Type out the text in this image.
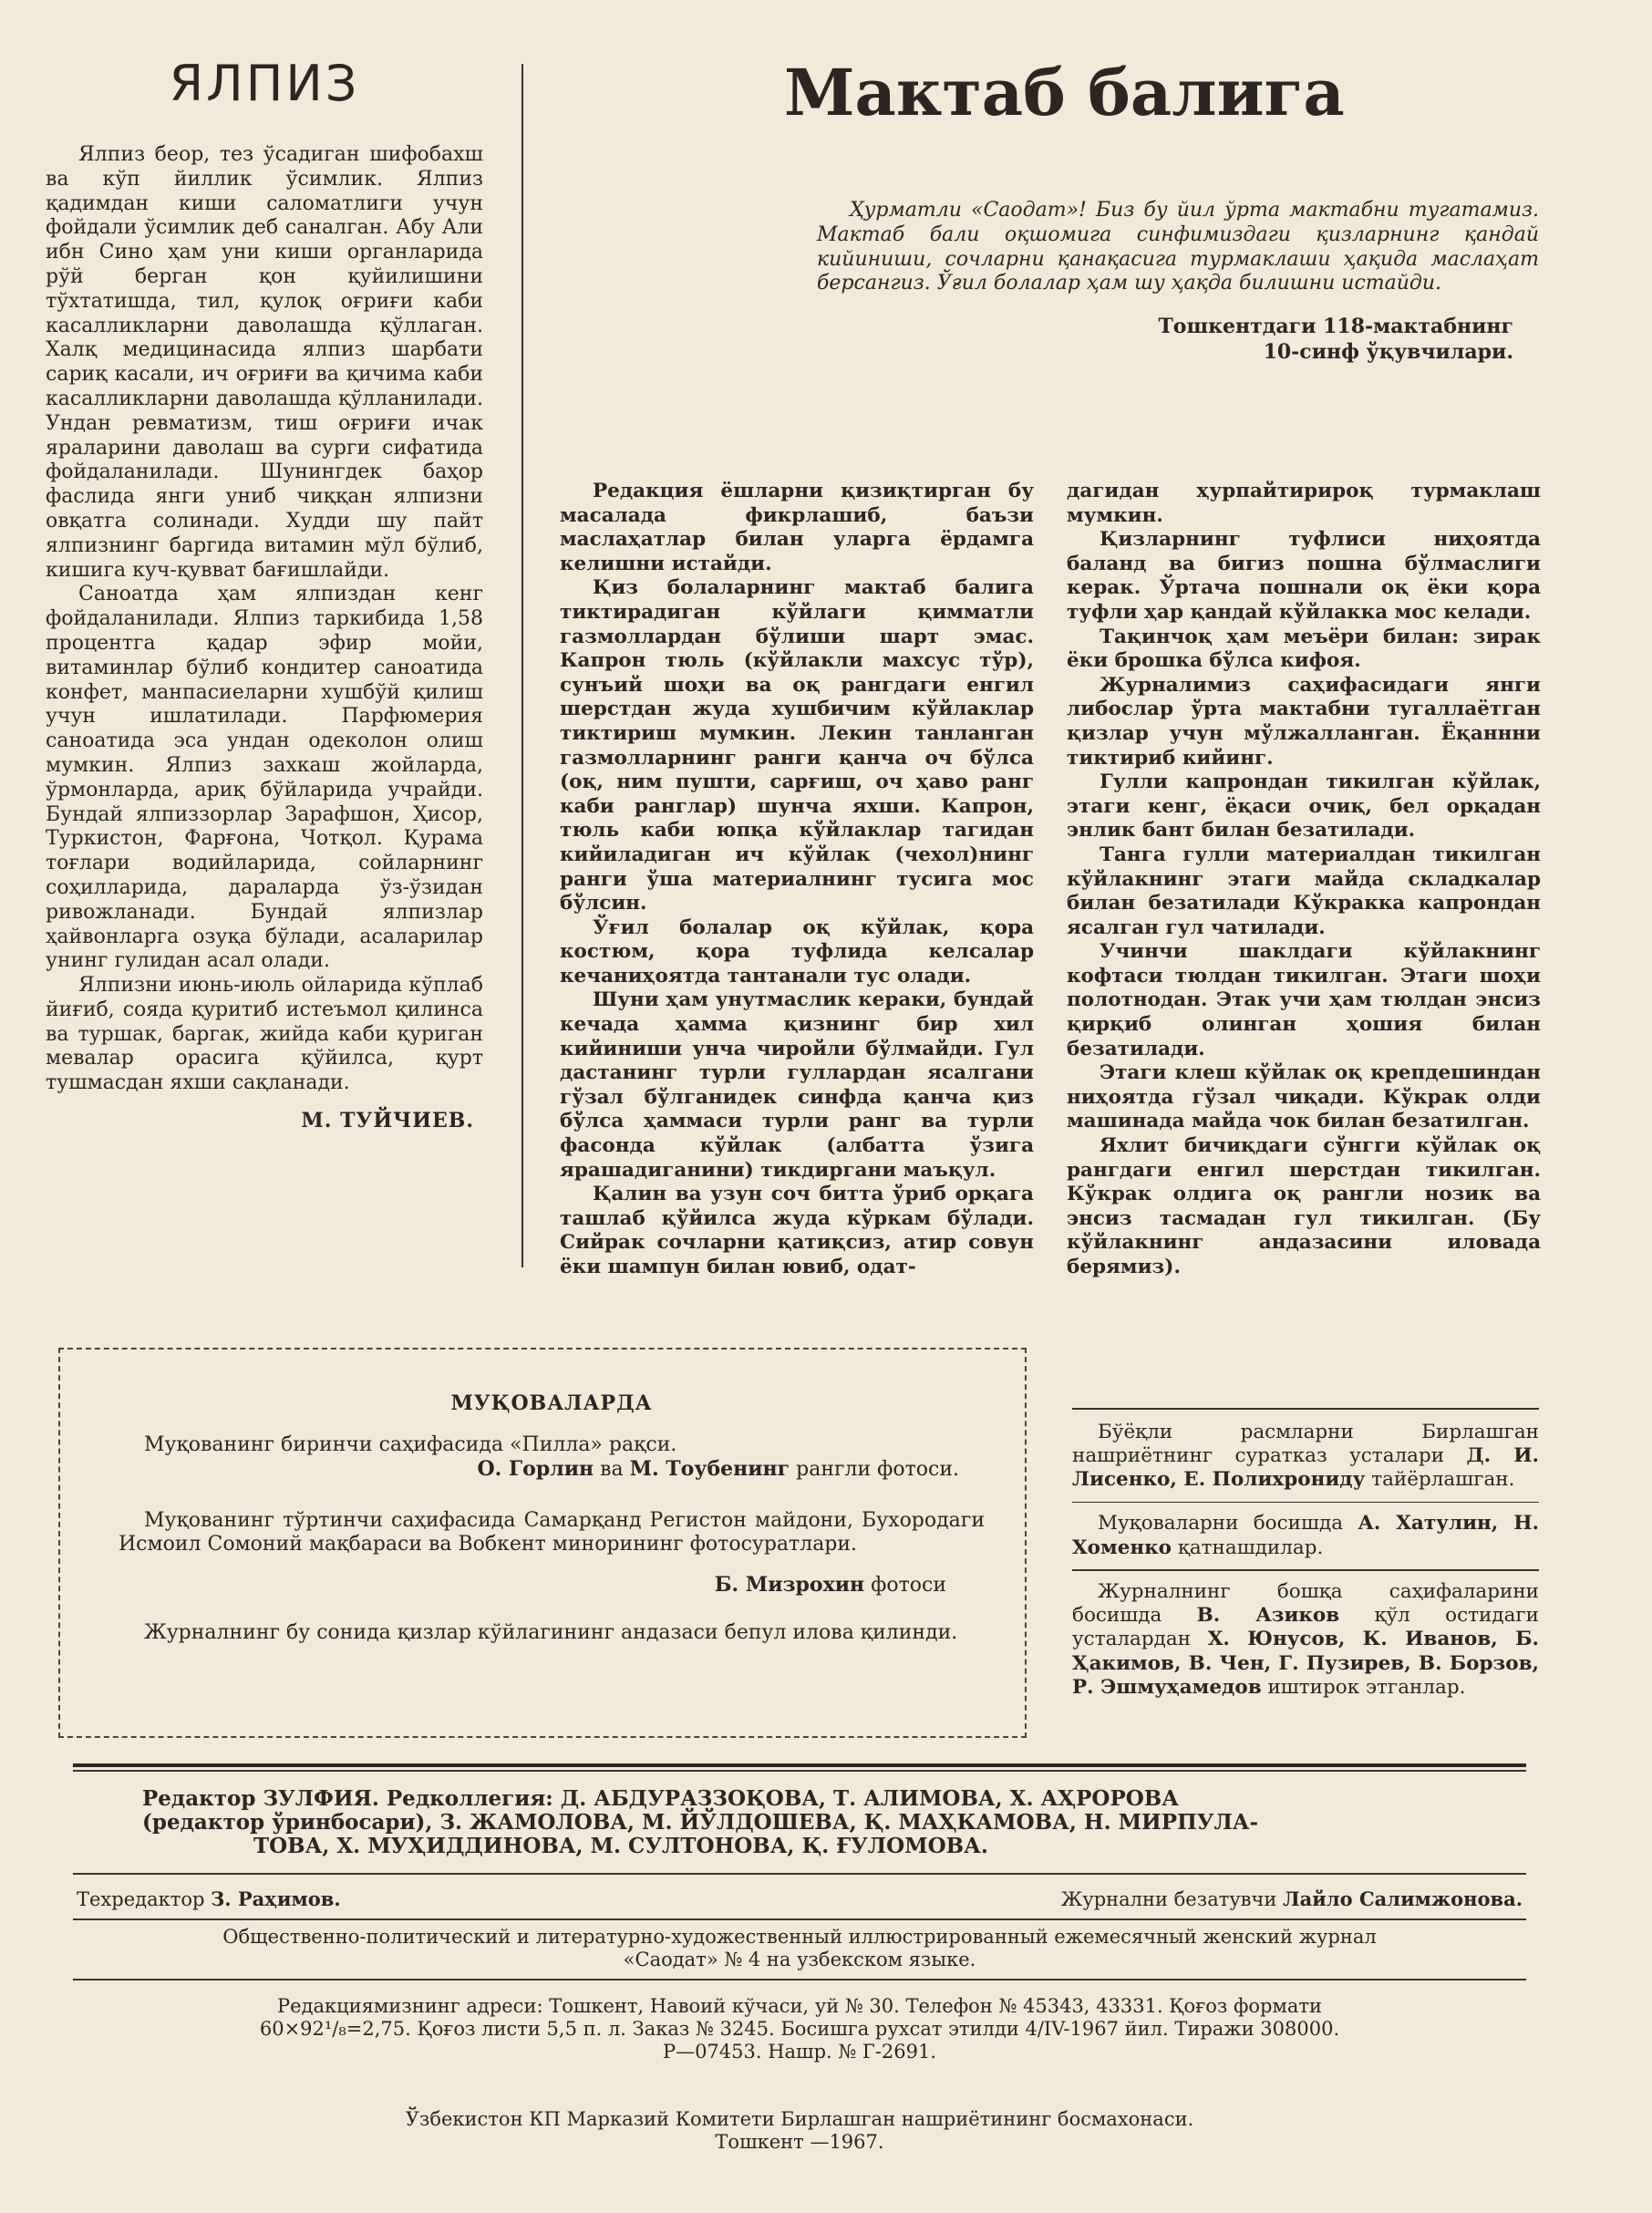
ЯЛПИЗ

Ялпиз беор, тез ўсадиган шифобахш ва кўп йиллик ўсимлик. Ялпиз қадимдан киши саломатлиги учун фойдали ўсимлик деб саналган. Абу Али ибн Сино ҳам уни киши органларида рўй берган қон қуйилишини тўхтатишда, тил, қулоқ оғриғи каби касалликларни даволашда қўллаган. Халқ медицинасида ялпиз шарбати сариқ касали, ич оғриғи ва қичима каби касалликларни даволашда қўлланилади. Ундан ревматизм, тиш оғриғи ичак яраларини даволаш ва сурги сифатида фойдаланилади. Шунингдек баҳор фаслида янги униб чиққан ялпизни овқатга солинади. Худди шу пайт ялпизнинг баргида витамин мўл бўлиб, кишига куч-қувват бағишлайди.

Саноатда ҳам ялпиздан кенг фойдаланилади. Ялпиз таркибида 1,58 процентга қадар эфир мойи, витаминлар бўлиб кондитер саноатида конфет, манпасиеларни хушбўй қилиш учун ишлатилади. Парфюмерия саноатида эса ундан одеколон олиш мумкин. Ялпиз захкаш жойларда, ўрмонларда, ариқ бўйларида учрайди. Бундай ялпиззорлар Зарафшон, Ҳисор, Туркистон, Фарғона, Чотқол. Қурама тоғлари водийларида, сойларнинг соҳилларида, дараларда ўз-ўзидан ривожланади. Бундай ялпизлар ҳайвонларга озуқа бўлади, асаларилар унинг гулидан асал олади.

Ялпизни июнь-июль ойларида кўплаб йиғиб, сояда қуритиб истеъмол қилинса ва туршак, баргак, жийда каби қуриган мевалар орасига қўйилса, қурт тушмасдан яхши сақланади.

М. ТУЙЧИЕВ.
Мактаб балига
Ҳурматли «Саодат»! Биз бу йил ўрта мактабни тугатамиз. Мактаб бали оқшомига синфимиздаги қизларнинг қандай кийиниши, сочларни қанақасига турмаклаши ҳақида маслаҳат берсангиз. Ўғил болалар ҳам шу ҳақда билишни истайди.
Тошкентдаги 118-мактабнинг
10-синф ўқувчилари.

Редакция ёшларни қизиқтирган бу масалада фикрлашиб, баъзи маслаҳатлар билан уларга ёрдамга келишни истайди.

Қиз болаларнинг мактаб балига тиктирадиган кўйлаги қимматли газмоллардан бўлиши шарт эмас. Капрон тюль (кўйлакли махсус тўр), сунъий шоҳи ва оқ рангдаги енгил шерстдан жуда хушбичим кўйлаклар тиктириш мумкин. Лекин танланган газмолларнинг ранги қанча оч бўлса (оқ, ним пушти, сарғиш, оч ҳаво ранг каби ранглар) шунча яхши. Капрон, тюль каби юпқа кўйлаклар тагидан кийиладиган ич кўйлак (чехол)нинг ранги ўша материалнинг тусига мос бўлсин.

Ўғил болалар оқ кўйлак, қора костюм, қора туфлида келсалар кечаниҳоятда тантанали тус олади.

Шуни ҳам унутмаслик кераки, бундай кечада ҳамма қизнинг бир хил кийиниши унча чиройли бўлмайди. Гул дастанинг турли гуллардан ясалгани гўзал бўлганидек синфда қанча қиз бўлса ҳаммаси турли ранг ва турли фасонда кўйлак (албатта ўзига ярашадиганини) тикдиргани маъқул.

Қалин ва узун соч битта ўриб орқага ташлаб қўйилса жуда кўркам бўлади. Сийрак сочларни қатиқсиз, атир совун ёки шампун билан ювиб, одат-

дагидан ҳурпайтирироқ турмаклаш мумкин.

Қизларнинг туфлиси ниҳоятда баланд ва бигиз пошна бўлмаслиги керак. Ўртача пошнали оқ ёки қора туфли ҳар қандай кўйлакка мос келади.

Тақинчоқ ҳам меъёри билан: зирак ёки брошка бўлса кифоя.

Журналимиз саҳифасидаги янги либослар ўрта мактабни тугаллаётган қизлар учун мўлжалланган. Ёқаннни тиктириб кийинг.

Гулли капрондан тикилган кўйлак, этаги кенг, ёқаси очиқ, бел орқадан энлик бант билан безатилади.

Танга гулли материалдан тикилган кўйлакнинг этаги майда складкалар билан безатилади Кўкракка капрондан ясалган гул чатилади.

Учинчи шаклдаги кўйлакнинг кофтаси тюлдан тикилган. Этаги шоҳи полотнодан. Этак учи ҳам тюлдан энсиз қирқиб олинган ҳошия билан безатилади.

Этаги клеш кўйлак оқ крепдешиндан ниҳоятда гўзал чиқади. Кўкрак олди машинада майда чок билан безатилган.

Яхлит бичиқдаги сўнгги кўйлак оқ рангдаги енгил шерстдан тикилган. Кўкрак олдига оқ рангли нозик ва энсиз тасмадан гул тикилган. (Бу кўйлакнинг андазасини иловада берямиз).

МУҚОВАЛАРДА
Муқованинг биринчи саҳифасида «Пилла» рақси.
О. Горлин ва М. Тоубенинг рангли фотоси.
Муқованинг тўртинчи саҳифасида Самарқанд Регистон майдони, Бухородаги Исмоил Сомоний мақбараси ва Вобкент минорининг фотосуратлари.
Б. Мизрохин фотоси
Журналнинг бу сонида қизлар кўйлагининг андазаси бепул илова қилинди.
Бўёқли расмларни Бирлашган нашриётнинг суратказ усталари Д. И. Лисенко, Е. Полихрониду тайёрлашган.
Муқоваларни босишда А. Хатулин, Н. Хоменко қатнашдилар.
Журналнинг бошқа саҳифаларини босишда В. Азиков қўл остидаги усталардан Х. Юнусов, К. Иванов, Б. Ҳакимов, В. Чен, Г. Пузирев, В. Борзов, Р. Эшмуҳамедов иштирок этганлар.
Редактор ЗУЛФИЯ. Редколлегия: Д. АБДУРАЗЗОҚОВА, Т. АЛИМОВА, Х. АҲРОРОВА
(редактор ўринбосари), З. ЖАМОЛОВА, М. ЙЎЛДОШЕВА, Қ. МАҲКАМОВА, Н. МИРПУЛА-
ТОВА, Х. МУҲИДДИНОВА, М. СУЛТОНОВА, Қ. ҒУЛОМОВА.
Техредактор З. Раҳимов.	Журнални безатувчи Лайло Салимжонова.
Общественно-политический и литературно-художественный иллюстрированный ежемесячный женский журнал
«Саодат» № 4 на узбекском языке.
Редакциямизнинг адреси: Тошкент, Навоий кўчаси, уй № 30. Телефон № 45343, 43331. Қоғоз формати
60×92¹/₈=2,75. Қоғоз листи 5,5 п. л. Заказ № 3245. Босишга рухсат этилди 4/IV-1967 йил. Тиражи 308000.
Р—07453. Нашр. № Г-2691.
Ўзбекистон КП Марказий Комитети Бирлашган нашриётининг босмахонаси.
Тошкент —1967.
